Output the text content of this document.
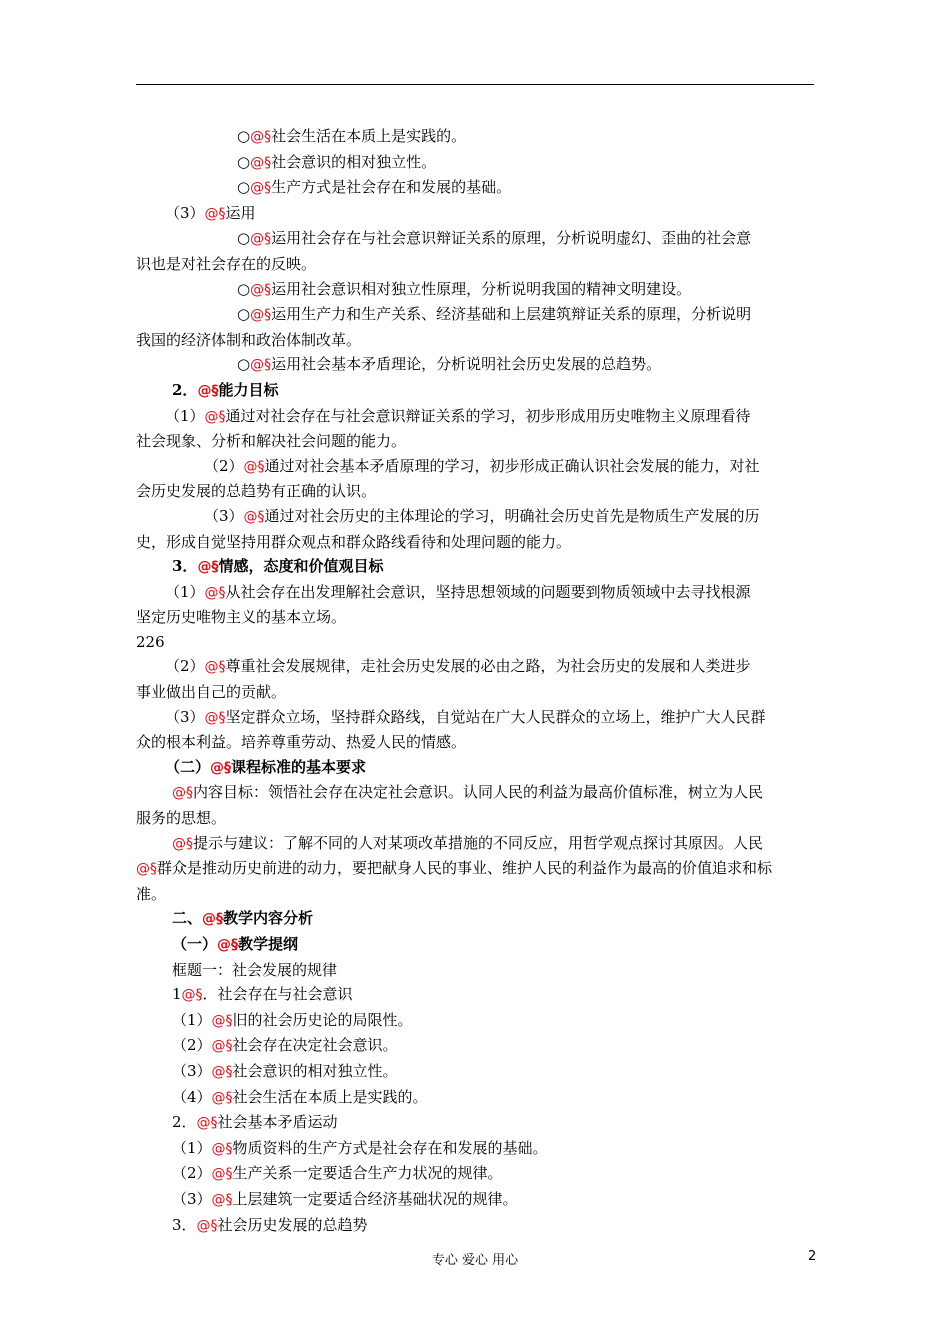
○@§社会生活在本质上是实践的。
○@§社会意识的相对独立性。
○@§生产方式是社会存在和发展的基础。
（3）@§运用
○@§运用社会存在与社会意识辩证关系的原理，分析说明虚幻、歪曲的社会意
识也是对社会存在的反映。
○@§运用社会意识相对独立性原理，分析说明我国的精神文明建设。
○@§运用生产力和生产关系、经济基础和上层建筑辩证关系的原理，分析说明
我国的经济体制和政治体制改革。
○@§运用社会基本矛盾理论，分析说明社会历史发展的总趋势。
2．@§能力目标
（1）@§通过对社会存在与社会意识辩证关系的学习，初步形成用历史唯物主义原理看待
社会现象、分析和解决社会问题的能力。
（2）@§通过对社会基本矛盾原理的学习，初步形成正确认识社会发展的能力，对社
会历史发展的总趋势有正确的认识。
（3）@§通过对社会历史的主体理论的学习，明确社会历史首先是物质生产发展的历
史，形成自觉坚持用群众观点和群众路线看待和处理问题的能力。
3．@§情感，态度和价值观目标
（1）@§从社会存在出发理解社会意识，坚持思想领域的问题要到物质领域中去寻找根源
坚定历史唯物主义的基本立场。
226
（2）@§尊重社会发展规律，走社会历史发展的必由之路，为社会历史的发展和人类进步
事业做出自己的贡献。
（3）@§坚定群众立场，坚持群众路线，自觉站在广大人民群众的立场上，维护广大人民群
众的根本利益。培养尊重劳动、热爱人民的情感。
（二）@§课程标准的基本要求
@§内容目标：领悟社会存在决定社会意识。认同人民的利益为最高价值标准，树立为人民
服务的思想。
@§提示与建议：了解不同的人对某项改革措施的不同反应，用哲学观点探讨其原因。人民
@§群众是推动历史前进的动力，要把献身人民的事业、维护人民的利益作为最高的价值追求和标
准。
二、@§教学内容分析
（一）@§教学提纲
框题一：社会发展的规律
1@§．社会存在与社会意识
（1）@§旧的社会历史论的局限性。
（2）@§社会存在决定社会意识。
（3）@§社会意识的相对独立性。
（4）@§社会生活在本质上是实践的。
2．@§社会基本矛盾运动
（1）@§物质资料的生产方式是社会存在和发展的基础。
（2）@§生产关系一定要适合生产力状况的规律。
（3）@§上层建筑一定要适合经济基础状况的规律。
3．@§社会历史发展的总趋势
专心 爱心 用心	2
